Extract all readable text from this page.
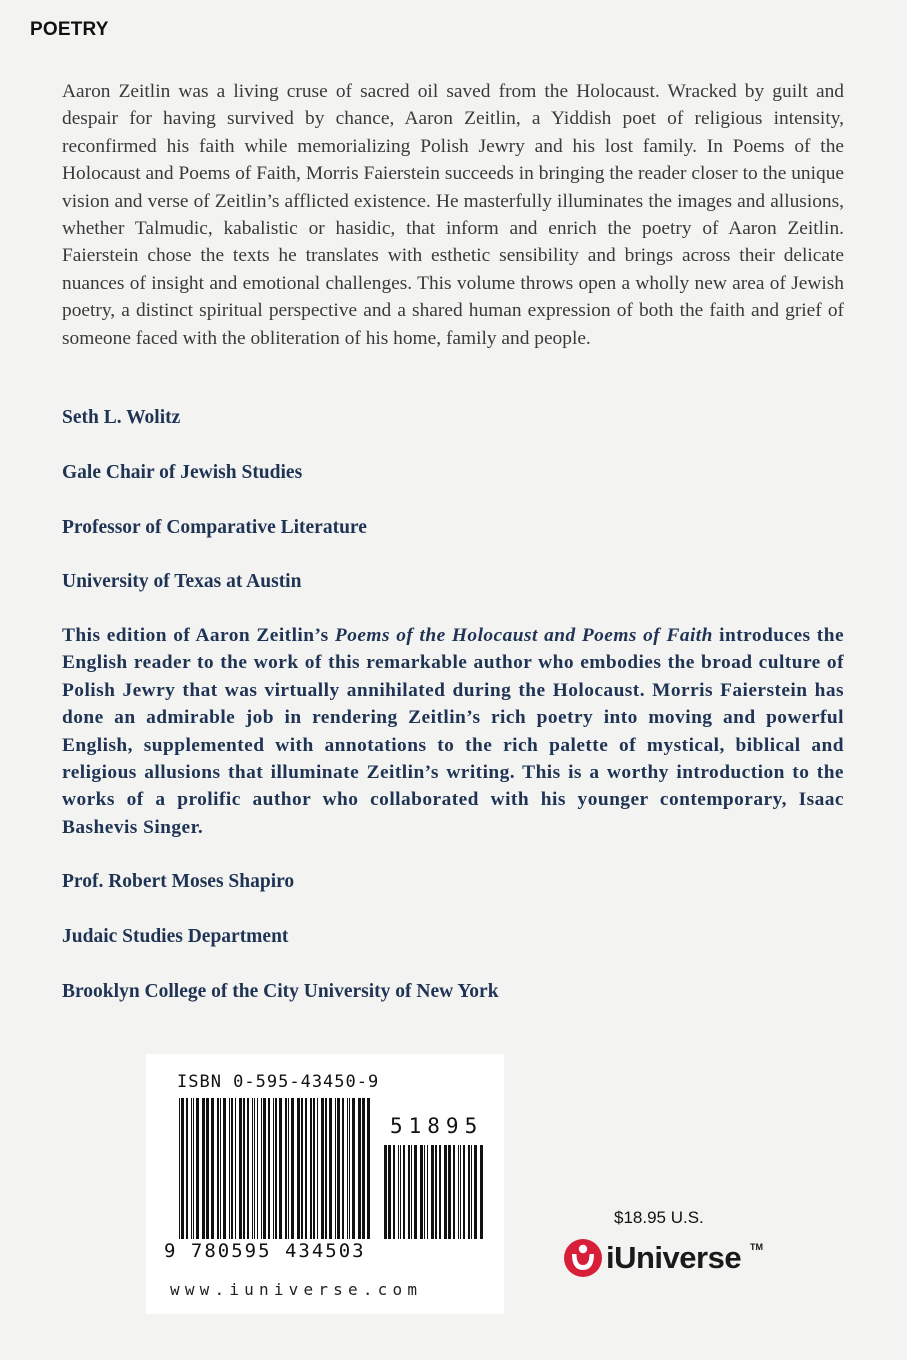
POETRY

Aaron Zeitlin was a living cruse of sacred oil saved from the Holocaust. Wracked by guilt and despair for having survived by chance, Aaron Zeitlin, a Yiddish poet of religious intensity, reconfirmed his faith while memorializing Polish Jewry and his lost family. In Poems of the Holocaust and Poems of Faith, Morris Faierstein succeeds in bringing the reader closer to the unique vision and verse of Zeitlin’s afflicted existence. He masterfully illuminates the images and allusions, whether Talmudic, kabalistic or hasidic, that inform and enrich the poetry of Aaron Zeitlin. Faierstein chose the texts he translates with esthetic sensibility and brings across their delicate nuances of insight and emotional challenges. This volume throws open a wholly new area of Jewish poetry, a distinct spiritual perspective and a shared human expression of both the faith and grief of someone faced with the obliteration of his home, family and people.

Seth L. Wolitz

Gale Chair of Jewish Studies

Professor of Comparative Literature

University of Texas at Austin

This edition of Aaron Zeitlin’s Poems of the Holocaust and Poems of Faith introduces the English reader to the work of this remarkable author who embodies the broad culture of Polish Jewry that was virtually annihilated during the Holocaust. Morris Faierstein has done an admirable job in rendering Zeitlin’s rich poetry into moving and powerful English, supplemented with annotations to the rich palette of mystical, biblical and religious allusions that illuminate Zeitlin’s writing. This is a worthy introduction to the works of a prolific author who collaborated with his younger contemporary, Isaac Bashevis Singer.

Prof. Robert Moses Shapiro

Judaic Studies Department

Brooklyn College of the City University of New York

ISBN 0-595-43450-9
51895
9 780595 434503
www.iuniverse.com
$18.95 U.S.
iUniverse TM
